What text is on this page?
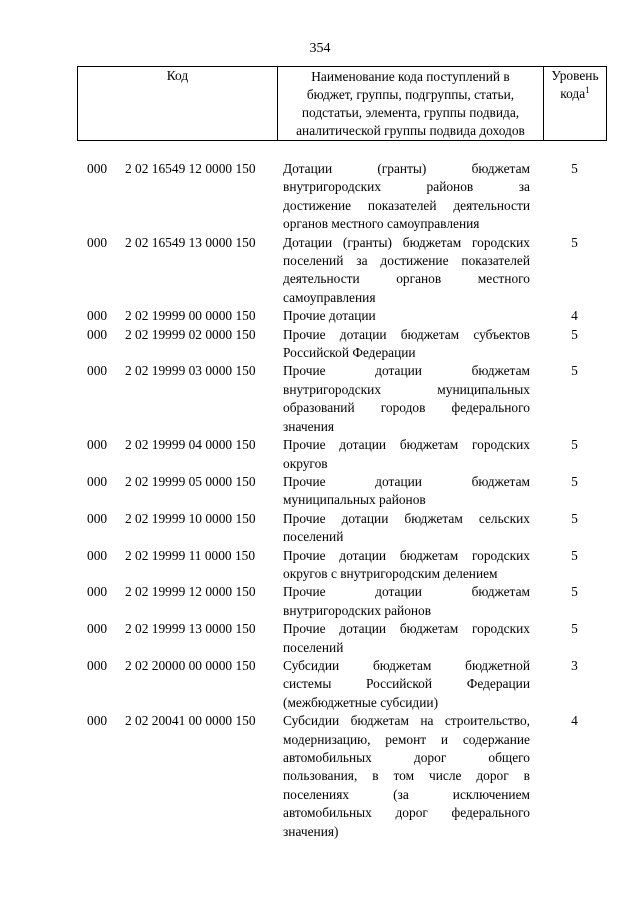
354
Код	Наименование кода поступлений в
бюджет, группы, подгруппы, статьи,
подстатьи, элемента, группы подвида,
аналитической группы подвида доходов

Уровень
кода$^1$
000	2 02 16549 12 0000 150	Дотации (гранты) бюджетам
внутригородских районов за
достижение показателей деятельности
органов местного самоуправления
5
000	2 02 16549 13 0000 150	Дотации (гранты) бюджетам городских
поселений за достижение показателей
деятельности органов местного
самоуправления
5
000	2 02 19999 00 0000 150	Прочие дотации	4
000	2 02 19999 02 0000 150	Прочие дотации бюджетам субъектов
Российской Федерации
5
000	2 02 19999 03 0000 150	Прочие дотации бюджетам
внутригородских муниципальных
образований городов федерального
значения
5
000	2 02 19999 04 0000 150	Прочие дотации бюджетам городских
округов
5
000	2 02 19999 05 0000 150	Прочие дотации бюджетам
муниципальных районов
5
000	2 02 19999 10 0000 150	Прочие дотации бюджетам сельских
поселений
5
000	2 02 19999 11 0000 150	Прочие дотации бюджетам городских
округов с внутригородским делением
5
000	2 02 19999 12 0000 150	Прочие дотации бюджетам
внутригородских районов
5
000	2 02 19999 13 0000 150	Прочие дотации бюджетам городских
поселений
5
000	2 02 20000 00 0000 150	Субсидии бюджетам бюджетной
системы Российской Федерации
(межбюджетные субсидии)
3
000	2 02 20041 00 0000 150	Субсидии бюджетам на строительство,
модернизацию, ремонт и содержание
автомобильных дорог общего
пользования, в том числе дорог в
поселениях (за исключением
автомобильных дорог федерального
значения)
4
